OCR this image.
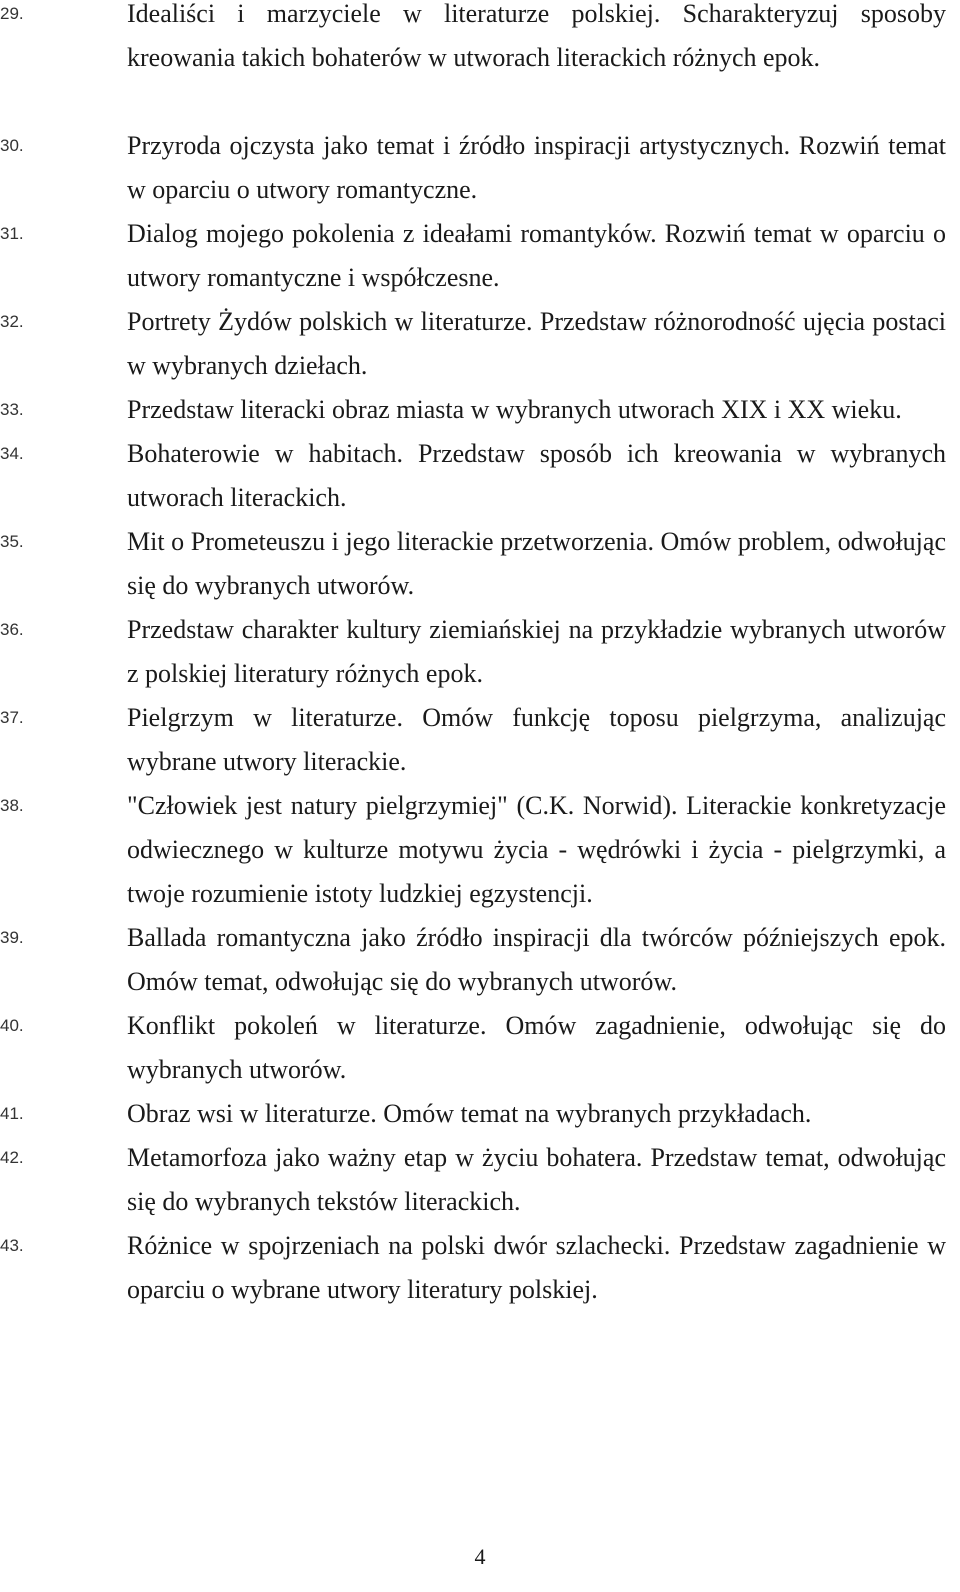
29.	Idealiści i marzyciele w literaturze polskiej. Scharakteryzuj sposoby kreowania takich bohaterów w utworach literackich różnych epok.
30.	Przyroda ojczysta jako temat i źródło inspiracji artystycznych. Rozwiń temat w oparciu o utwory romantyczne.
31.	Dialog mojego pokolenia z ideałami romantyków. Rozwiń temat w oparciu o utwory romantyczne i współczesne.
32.	Portrety Żydów polskich w literaturze. Przedstaw różnorodność ujęcia postaci w wybranych dziełach.
33.	Przedstaw literacki obraz miasta w wybranych utworach XIX i XX wieku.
34.	Bohaterowie w habitach. Przedstaw sposób ich kreowania w wybranych utworach literackich.
35.	Mit o Prometeuszu i jego literackie przetworzenia. Omów problem, odwołując się do wybranych utworów.
36.	Przedstaw charakter kultury ziemiańskiej na przykładzie wybranych utworów z polskiej literatury różnych epok.
37.	Pielgrzym w literaturze. Omów funkcję toposu pielgrzyma, analizując wybrane utwory literackie.
38.	"Człowiek jest natury pielgrzymiej" (C.K. Norwid). Literackie konkretyzacje odwiecznego w kulturze motywu życia - wędrówki i życia - pielgrzymki, a twoje rozumienie istoty ludzkiej egzystencji.
39.	Ballada romantyczna jako źródło inspiracji dla twórców późniejszych epok. Omów temat, odwołując się do wybranych utworów.
40.	Konflikt pokoleń w literaturze. Omów zagadnienie, odwołując się do wybranych utworów.
41.	Obraz wsi w literaturze. Omów temat na wybranych przykładach.
42.	Metamorfoza jako ważny etap w życiu bohatera. Przedstaw temat, odwołując się do wybranych tekstów literackich.
43.	Różnice w spojrzeniach na polski dwór szlachecki. Przedstaw zagadnienie w oparciu o wybrane utwory literatury polskiej.
4
